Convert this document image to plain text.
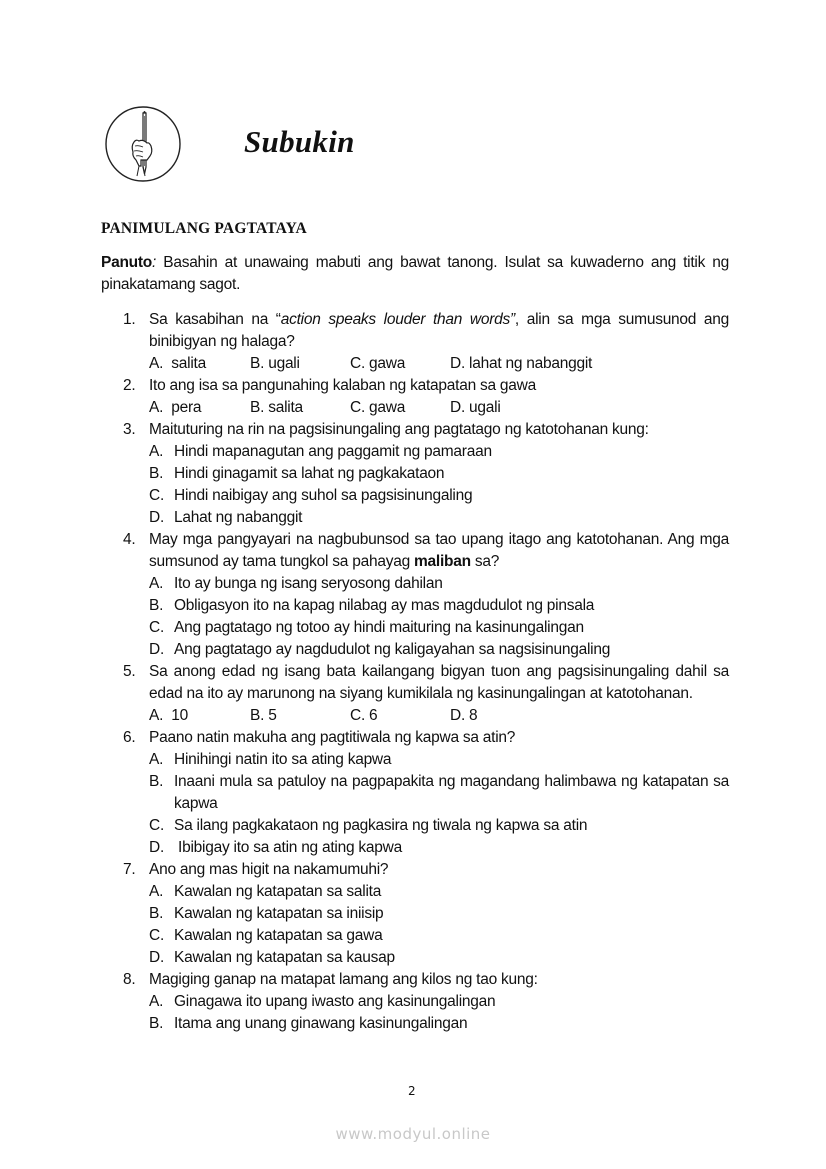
Subukin
PANIMULANG PAGTATAYA
Panuto: Basahin at unawaing mabuti ang bawat tanong. Isulat sa kuwaderno ang titik ng pinakatamang sagot.
1. Sa kasabihan na “action speaks louder than words”, alin sa mga sumusunod ang binibigyan ng halaga?
A.  salita	B. ugali	C. gawa	D. lahat ng nabanggit
2. Ito ang isa sa pangunahing kalaban ng katapatan sa gawa
A.  pera	B. salita	C. gawa	D. ugali
3. Maituturing na rin na pagsisinungaling ang pagtatago ng katotohanan kung:
A. Hindi mapanagutan ang paggamit ng pamaraan
B. Hindi ginagamit sa lahat ng pagkakataon
C. Hindi naibigay ang suhol sa pagsisinungaling
D. Lahat ng nabanggit
4. May mga pangyayari na nagbubunsod sa tao upang itago ang katotohanan. Ang mga sumsunod ay tama tungkol sa pahayag maliban sa?
A. Ito ay bunga ng isang seryosong dahilan
B. Obligasyon ito na kapag nilabag ay mas magdudulot ng pinsala
C. Ang pagtatago ng totoo ay hindi maituring na kasinungalingan
D. Ang pagtatago ay nagdudulot ng kaligayahan sa nagsisinungaling
5. Sa anong edad ng isang bata kailangang bigyan tuon ang pagsisinungaling dahil sa edad na ito ay marunong na siyang kumikilala ng kasinungalingan at katotohanan.
A.  10	B. 5	C. 6	D. 8
6. Paano natin makuha ang pagtitiwala ng kapwa sa atin?
A. Hinihingi natin ito sa ating kapwa
B. Inaani mula sa patuloy na pagpapakita ng magandang halimbawa ng katapatan sa kapwa
C. Sa ilang pagkakataon ng pagkasira ng tiwala ng kapwa sa atin
D. Ibibigay ito sa atin ng ating kapwa
7. Ano ang mas higit na nakamumuhi?
A. Kawalan ng katapatan sa salita
B. Kawalan ng katapatan sa iniisip
C. Kawalan ng katapatan sa gawa
D. Kawalan ng katapatan sa kausap
8. Magiging ganap na matapat lamang ang kilos ng tao kung:
A. Ginagawa ito upang iwasto ang kasinungalingan
B. Itama ang unang ginawang kasinungalingan
2
www.modyul.online
